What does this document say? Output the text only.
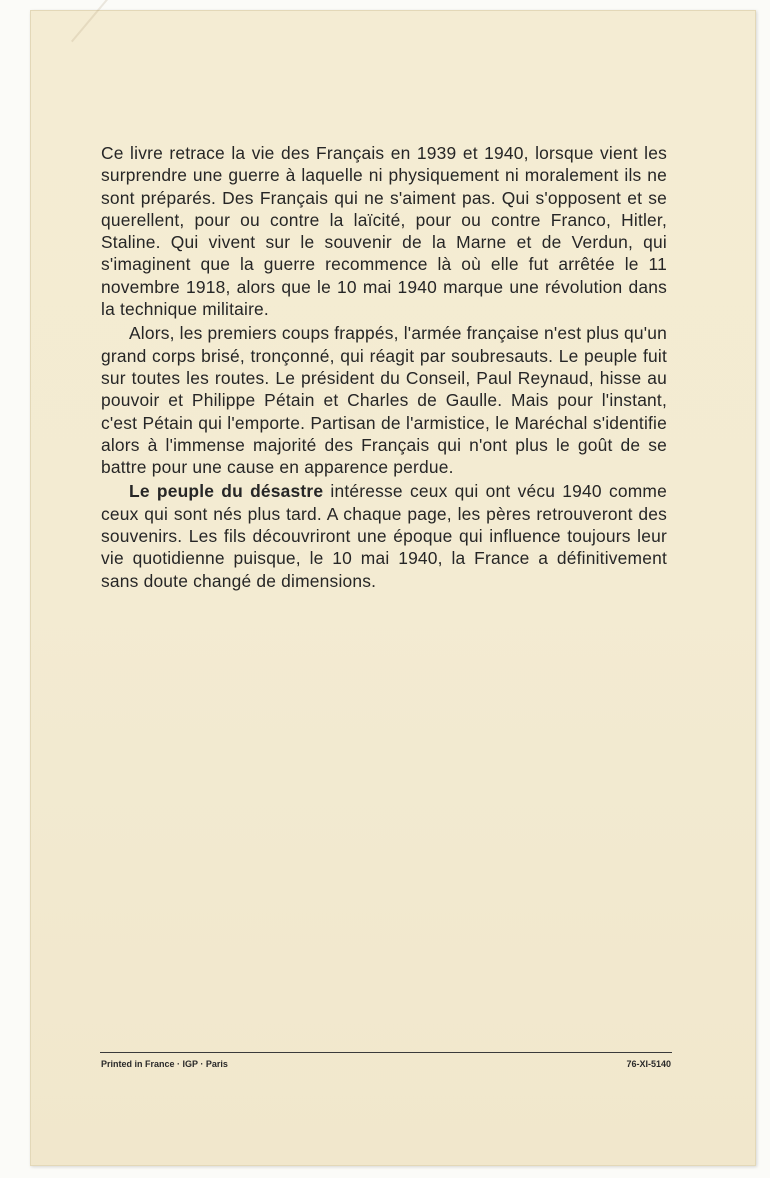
Ce livre retrace la vie des Français en 1939 et 1940, lorsque vient les surprendre une guerre à laquelle ni physiquement ni moralement ils ne sont préparés. Des Français qui ne s'aiment pas. Qui s'opposent et se querellent, pour ou contre la laïcité, pour ou contre Franco, Hitler, Staline. Qui vivent sur le souvenir de la Marne et de Verdun, qui s'imaginent que la guerre recommence là où elle fut arrêtée le 11 novembre 1918, alors que le 10 mai 1940 marque une révolution dans la technique militaire.

Alors, les premiers coups frappés, l'armée française n'est plus qu'un grand corps brisé, tronçonné, qui réagit par soubresauts. Le peuple fuit sur toutes les routes. Le président du Conseil, Paul Reynaud, hisse au pouvoir et Philippe Pétain et Charles de Gaulle. Mais pour l'instant, c'est Pétain qui l'emporte. Partisan de l'armistice, le Maréchal s'identifie alors à l'immense majorité des Français qui n'ont plus le goût de se battre pour une cause en apparence perdue.

Le peuple du désastre intéresse ceux qui ont vécu 1940 comme ceux qui sont nés plus tard. A chaque page, les pères retrouveront des souvenirs. Les fils découvriront une époque qui influence toujours leur vie quotidienne puisque, le 10 mai 1940, la France a définitivement sans doute changé de dimensions.

Printed in France · IGP · Paris	76-XI-5140
